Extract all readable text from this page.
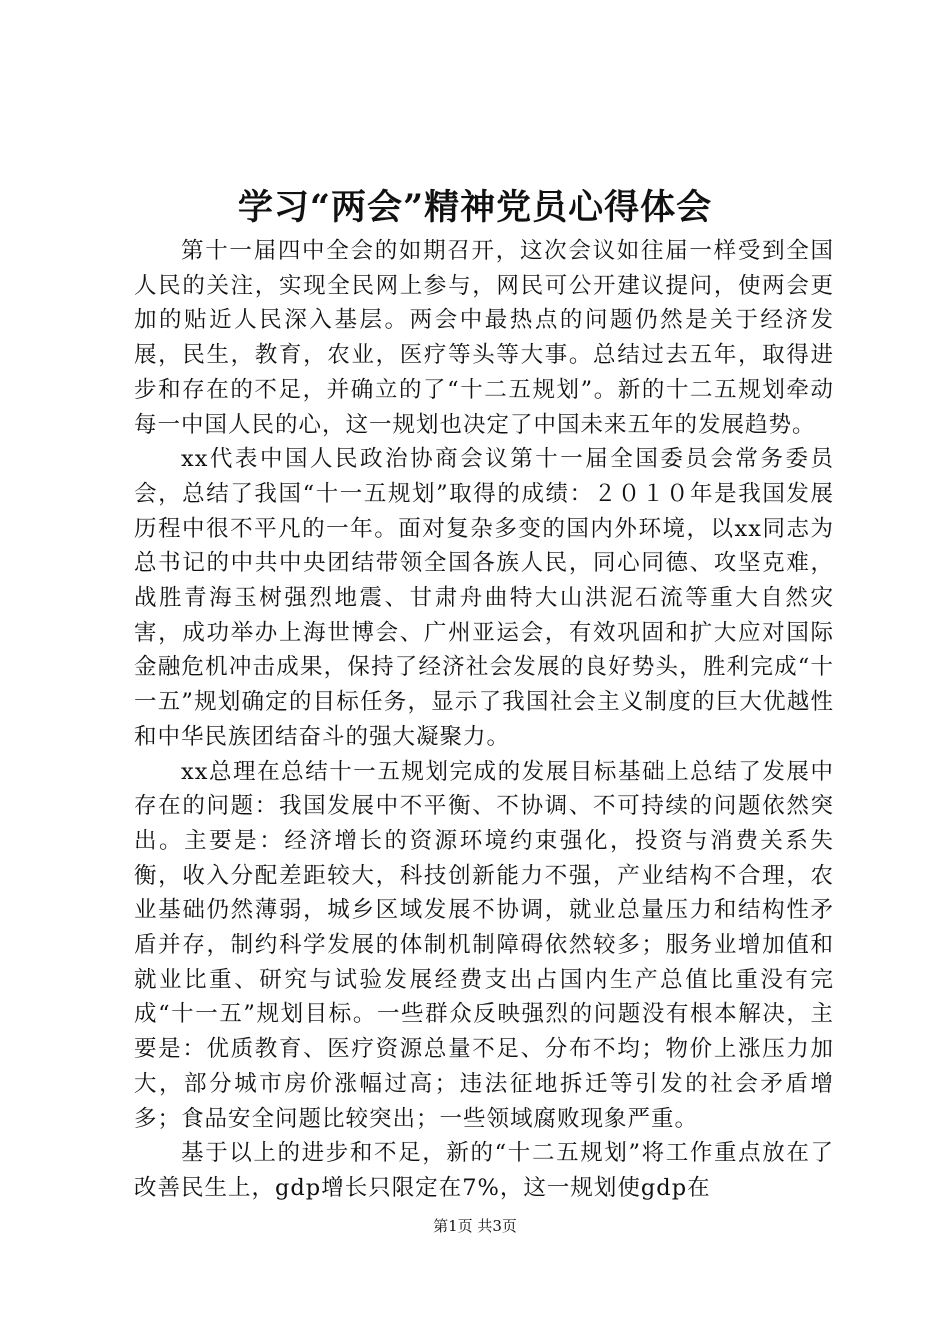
学习“两会”精神党员心得体会

第十一届四中全会的如期召开，这次会议如往届一样受到全国人民的关注，实现全民网上参与，网民可公开建议提问，使两会更加的贴近人民深入基层。两会中最热点的问题仍然是关于经济发展，民生，教育，农业，医疗等头等大事。总结过去五年，取得进步和存在的不足，并确立的了“十二五规划”。新的十二五规划牵动每一中国人民的心，这一规划也决定了中国未来五年的发展趋势。

xx代表中国人民政治协商会议第十一届全国委员会常务委员会，总结了我国“十一五规划”取得的成绩：２０１０年是我国发展历程中很不平凡的一年。面对复杂多变的国内外环境，以xx同志为总书记的中共中央团结带领全国各族人民，同心同德、攻坚克难，战胜青海玉树强烈地震、甘肃舟曲特大山洪泥石流等重大自然灾害，成功举办上海世博会、广州亚运会，有效巩固和扩大应对国际金融危机冲击成果，保持了经济社会发展的良好势头，胜利完成“十一五”规划确定的目标任务，显示了我国社会主义制度的巨大优越性和中华民族团结奋斗的强大凝聚力。

xx总理在总结十一五规划完成的发展目标基础上总结了发展中存在的问题：我国发展中不平衡、不协调、不可持续的问题依然突出。主要是：经济增长的资源环境约束强化，投资与消费关系失衡，收入分配差距较大，科技创新能力不强，产业结构不合理，农业基础仍然薄弱，城乡区域发展不协调，就业总量压力和结构性矛盾并存，制约科学发展的体制机制障碍依然较多；服务业增加值和就业比重、研究与试验发展经费支出占国内生产总值比重没有完成“十一五”规划目标。一些群众反映强烈的问题没有根本解决，主要是：优质教育、医疗资源总量不足、分布不均；物价上涨压力加大，部分城市房价涨幅过高；违法征地拆迁等引发的社会矛盾增多；食品安全问题比较突出；一些领域腐败现象严重。

基于以上的进步和不足，新的“十二五规划”将工作重点放在了改善民生上，gdp增长只限定在7%，这一规划使gdp在

第1页 共3页
